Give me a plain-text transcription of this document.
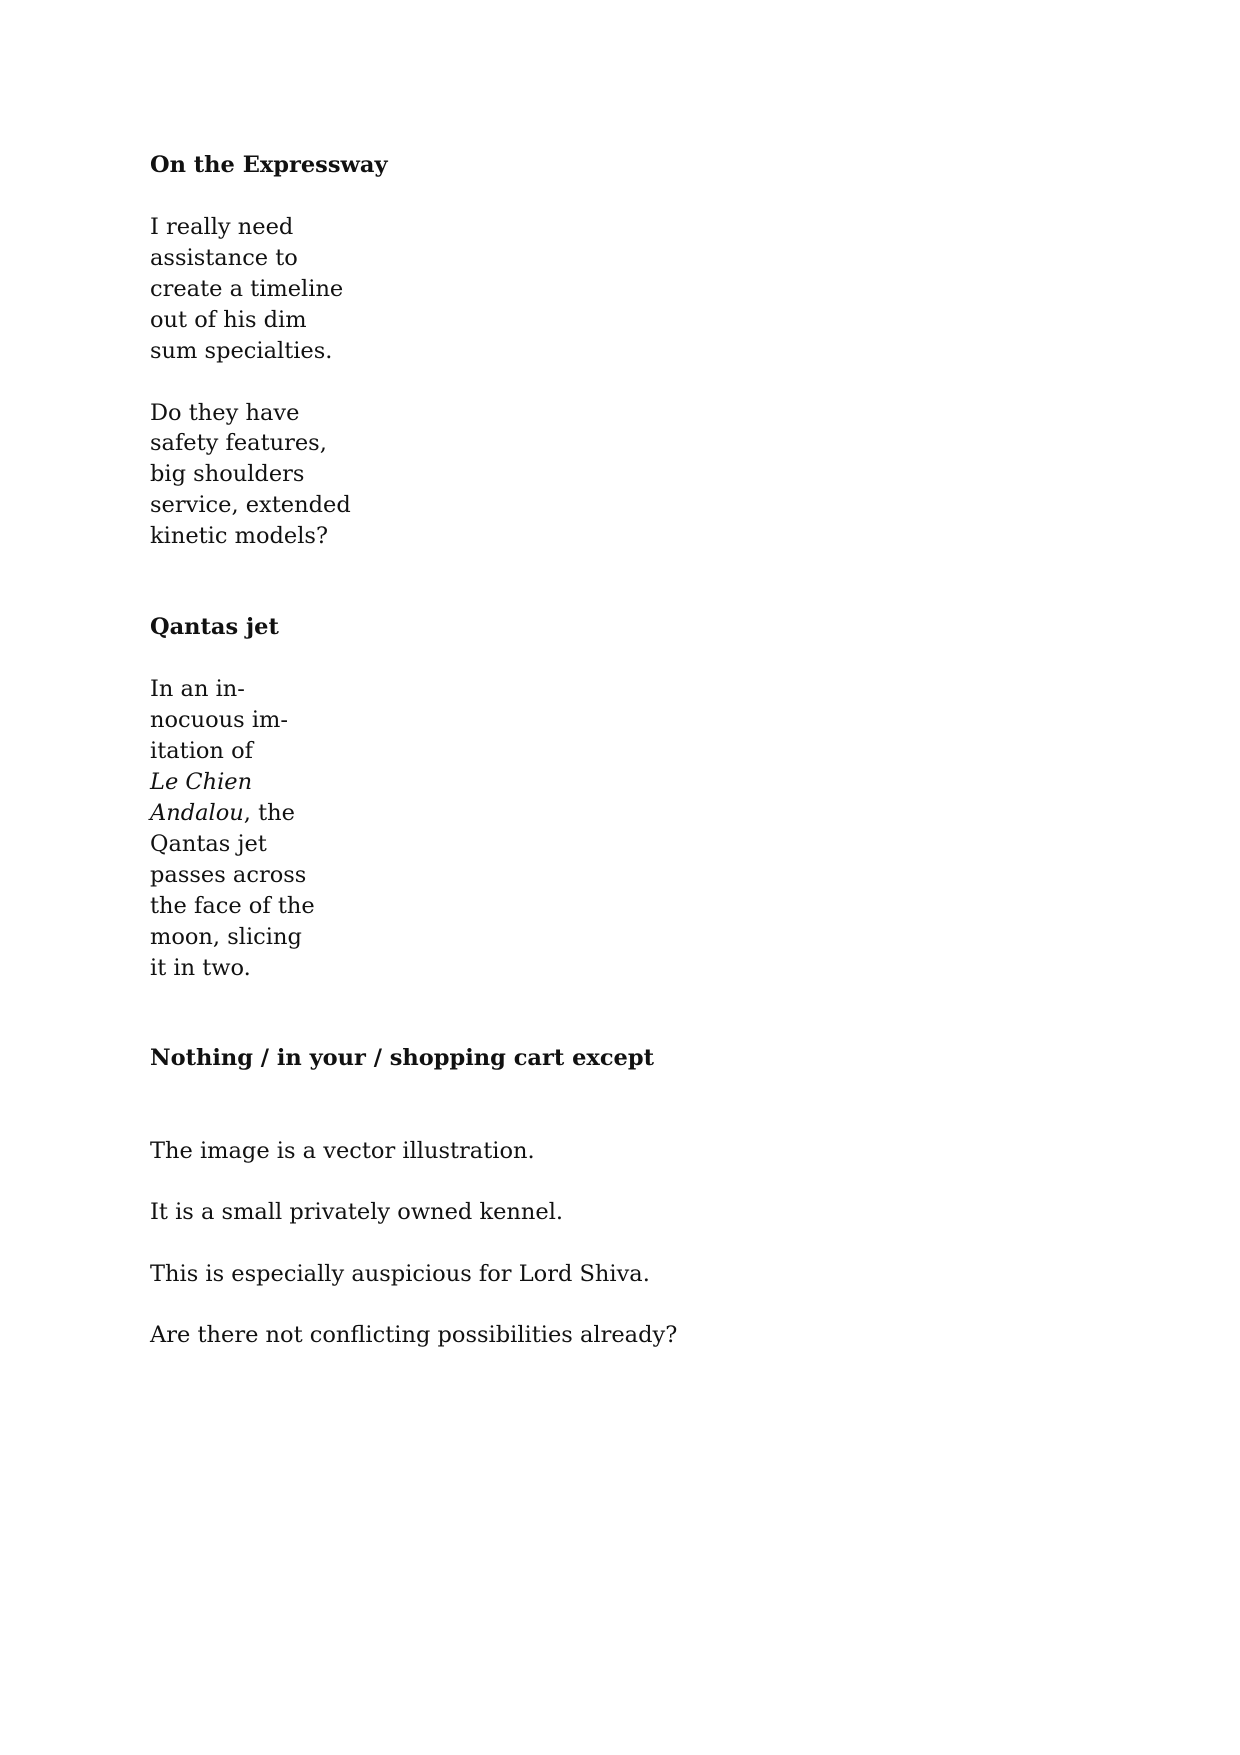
On the Expressway
I really need
assistance to
create a timeline
out of his dim
sum specialties.
Do they have
safety features,
big shoulders
service, extended
kinetic models?
Qantas jet
In an in-
nocuous im-
itation of
Le Chien
Andalou, the
Qantas jet
passes across
the face of the
moon, slicing
it in two.
Nothing / in your / shopping cart except
The image is a vector illustration.
It is a small privately owned kennel.
This is especially auspicious for Lord Shiva.
Are there not conflicting possibilities already?
